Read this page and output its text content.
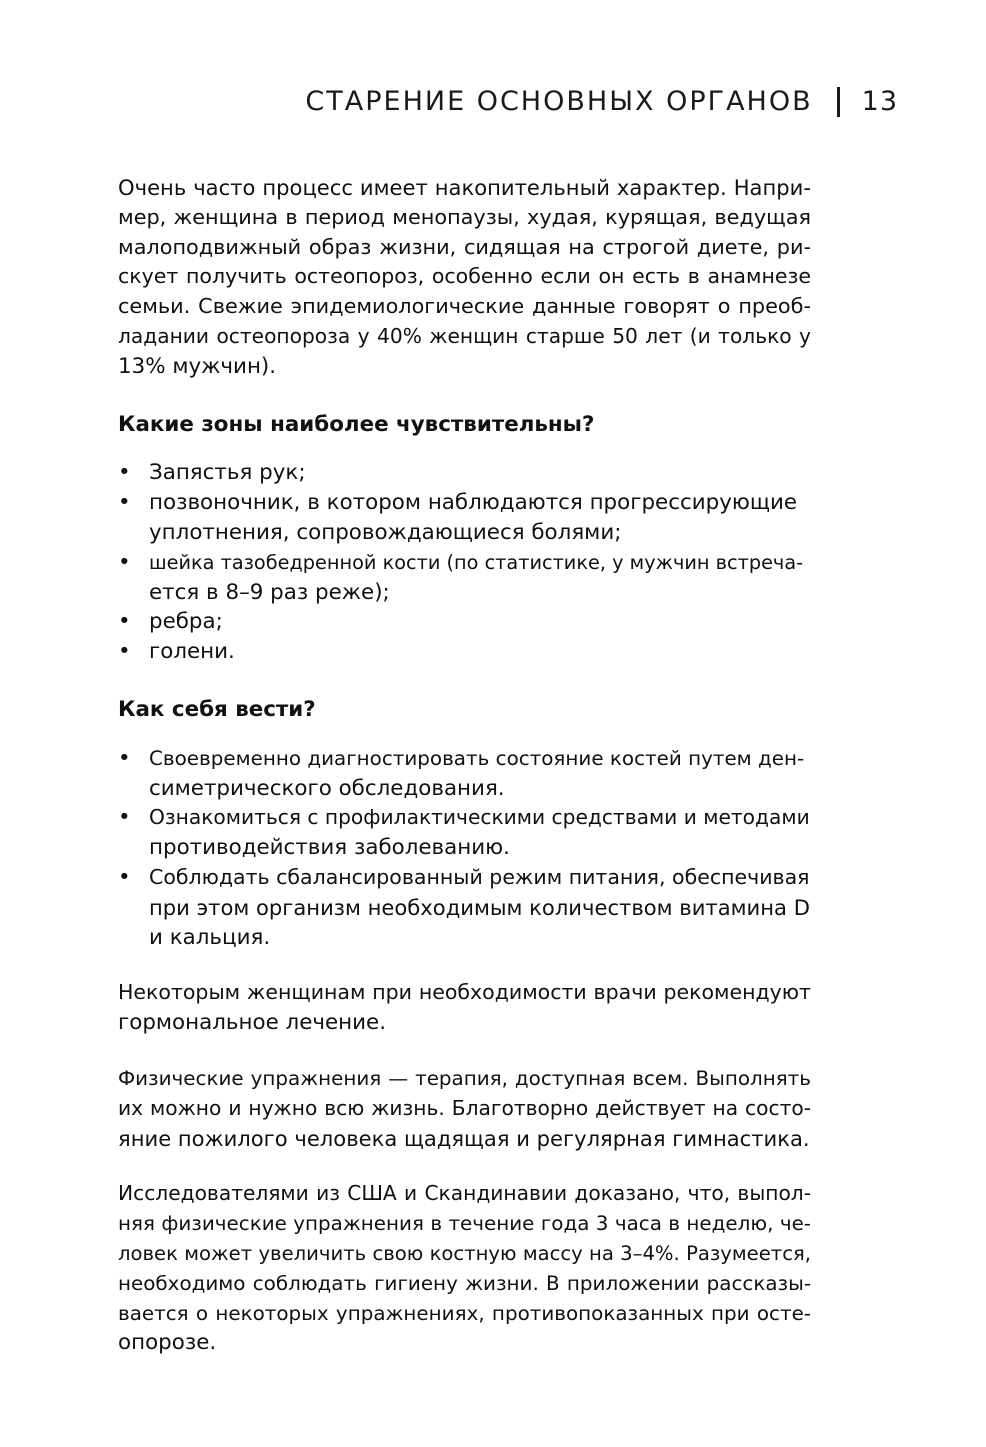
СТАРЕНИЕ ОСНОВНЫХ ОРГАНОВ 13

Очень часто процесс имеет накопительный характер. Напри-
мер, женщина в период менопаузы, худая, курящая, ведущая
малоподвижный образ жизни, сидящая на строгой диете, ри-
скует получить остеопороз, особенно если он есть в анамнезе
семьи. Свежие эпидемиологические данные говорят о преоб-
ладании остеопороза у 40% женщин старше 50 лет (и только у
13% мужчин).

Какие зоны наиболее чувствительны?
• Запястья рук;
• позвоночник, в котором наблюдаются прогрессирующие
уплотнения, сопровождающиеся болями;
• шейка тазобедренной кости (по статистике, у мужчин встреча-
ется в 8–9 раз реже);
• ребра;
• голени.
Как себя вести?
• Своевременно диагностировать состояние костей путем ден-
симетрического обследования.
• Ознакомиться с профилактическими средствами и методами
противодействия заболеванию.
• Соблюдать сбалансированный режим питания, обеспечивая
при этом организм необходимым количеством витамина D
и кальция.

Некоторым женщинам при необходимости врачи рекомендуют
гормональное лечение.

Физические упражнения — терапия, доступная всем. Выполнять
их можно и нужно всю жизнь. Благотворно действует на состо-
яние пожилого человека щадящая и регулярная гимнастика.

Исследователями из США и Скандинавии доказано, что, выпол-
няя физические упражнения в течение года 3 часа в неделю, че-
ловек может увеличить свою костную массу на 3–4%. Разумеется,
необходимо соблюдать гигиену жизни. В приложении рассказы-
вается о некоторых упражнениях, противопоказанных при осте-
опорозе.
